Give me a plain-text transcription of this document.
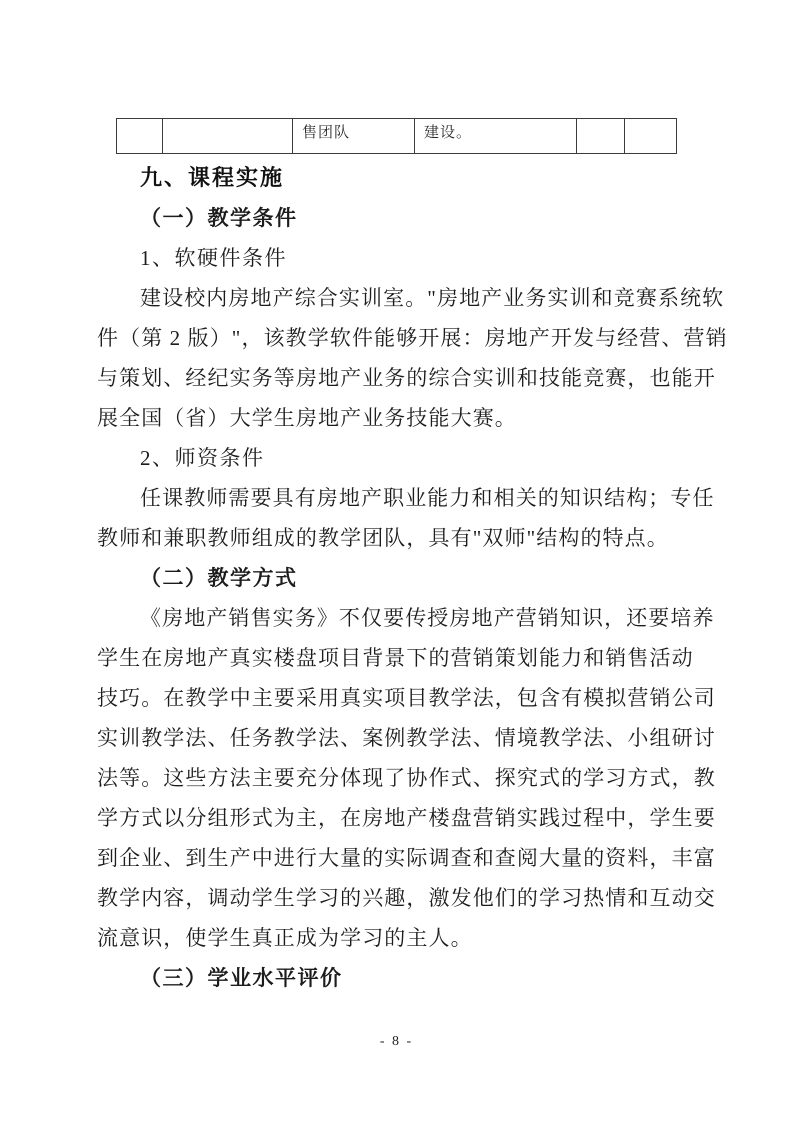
		售团队	建设。		
九、课程实施
（一）教学条件
1、软硬件条件
建设校内房地产综合实训室。"房地产业务实训和竞赛系统软
件（第 2 版）"，该教学软件能够开展：房地产开发与经营、营销
与策划、经纪实务等房地产业务的综合实训和技能竞赛，也能开
展全国（省）大学生房地产业务技能大赛。
2、师资条件
任课教师需要具有房地产职业能力和相关的知识结构；专任
教师和兼职教师组成的教学团队，具有"双师"结构的特点。
（二）教学方式
《房地产销售实务》不仅要传授房地产营销知识，还要培养
学生在房地产真实楼盘项目背景下的营销策划能力和销售活动
技巧。在教学中主要采用真实项目教学法，包含有模拟营销公司
实训教学法、任务教学法、案例教学法、情境教学法、小组研讨
法等。这些方法主要充分体现了协作式、探究式的学习方式，教
学方式以分组形式为主，在房地产楼盘营销实践过程中，学生要
到企业、到生产中进行大量的实际调查和查阅大量的资料，丰富
教学内容，调动学生学习的兴趣，激发他们的学习热情和互动交
流意识，使学生真正成为学习的主人。
（三）学业水平评价
- 8 -
